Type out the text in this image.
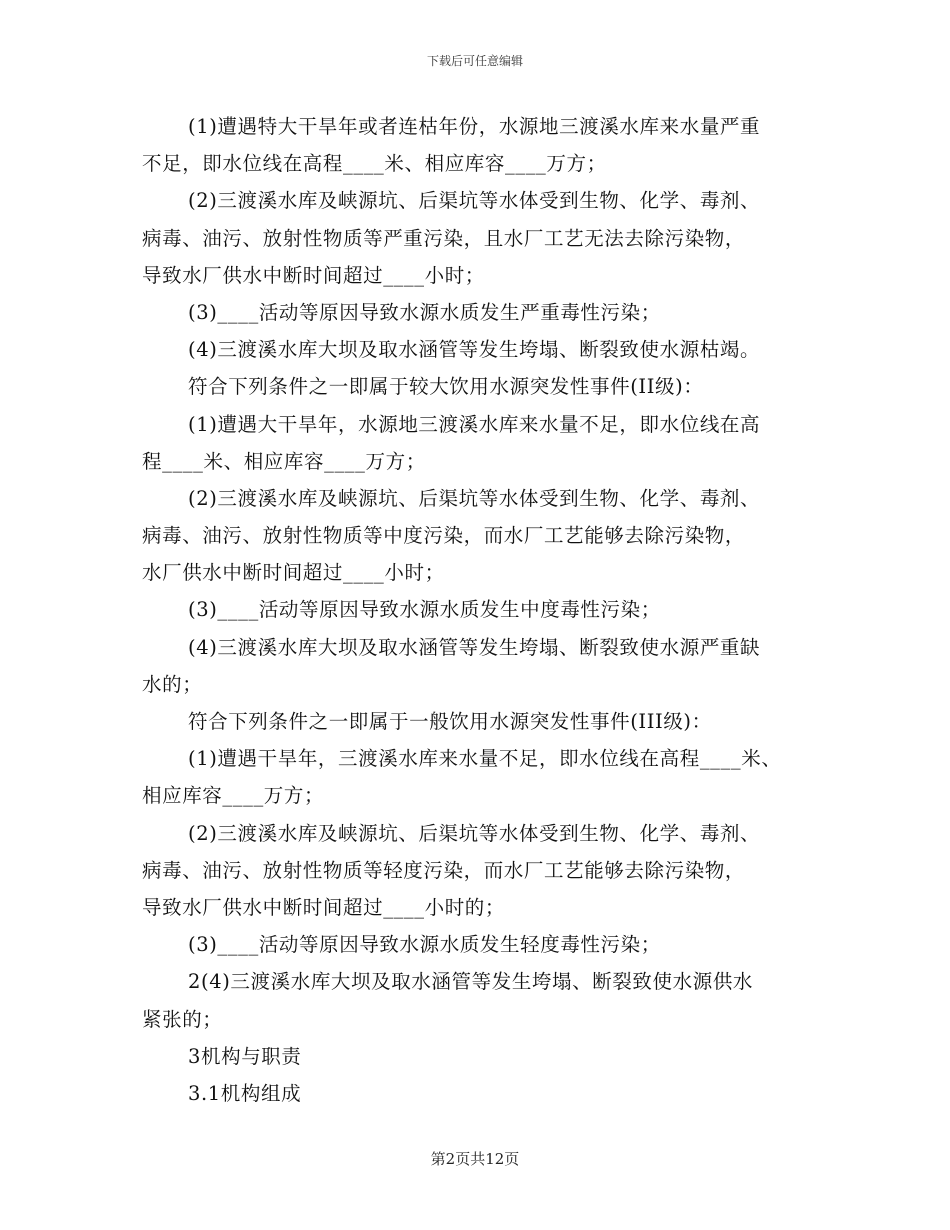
下载后可任意编辑
(1)遭遇特大干旱年或者连枯年份，水源地三渡溪水库来水量严重
不足，即水位线在高程____米、相应库容____万方；
(2)三渡溪水库及峡源坑、后渠坑等水体受到生物、化学、毒剂、
病毒、油污、放射性物质等严重污染，且水厂工艺无法去除污染物，
导致水厂供水中断时间超过____小时；
(3)____活动等原因导致水源水质发生严重毒性污染；
(4)三渡溪水库大坝及取水涵管等发生垮塌、断裂致使水源枯竭。
符合下列条件之一即属于较大饮用水源突发性事件(II级)：
(1)遭遇大干旱年，水源地三渡溪水库来水量不足，即水位线在高
程____米、相应库容____万方；
(2)三渡溪水库及峡源坑、后渠坑等水体受到生物、化学、毒剂、
病毒、油污、放射性物质等中度污染，而水厂工艺能够去除污染物，
水厂供水中断时间超过____小时；
(3)____活动等原因导致水源水质发生中度毒性污染；
(4)三渡溪水库大坝及取水涵管等发生垮塌、断裂致使水源严重缺
水的；
符合下列条件之一即属于一般饮用水源突发性事件(III级)：
(1)遭遇干旱年，三渡溪水库来水量不足，即水位线在高程____米、
相应库容____万方；
(2)三渡溪水库及峡源坑、后渠坑等水体受到生物、化学、毒剂、
病毒、油污、放射性物质等轻度污染，而水厂工艺能够去除污染物，
导致水厂供水中断时间超过____小时的；
(3)____活动等原因导致水源水质发生轻度毒性污染；
2(4)三渡溪水库大坝及取水涵管等发生垮塌、断裂致使水源供水
紧张的；
3机构与职责
3.1机构组成
第2页共12页
